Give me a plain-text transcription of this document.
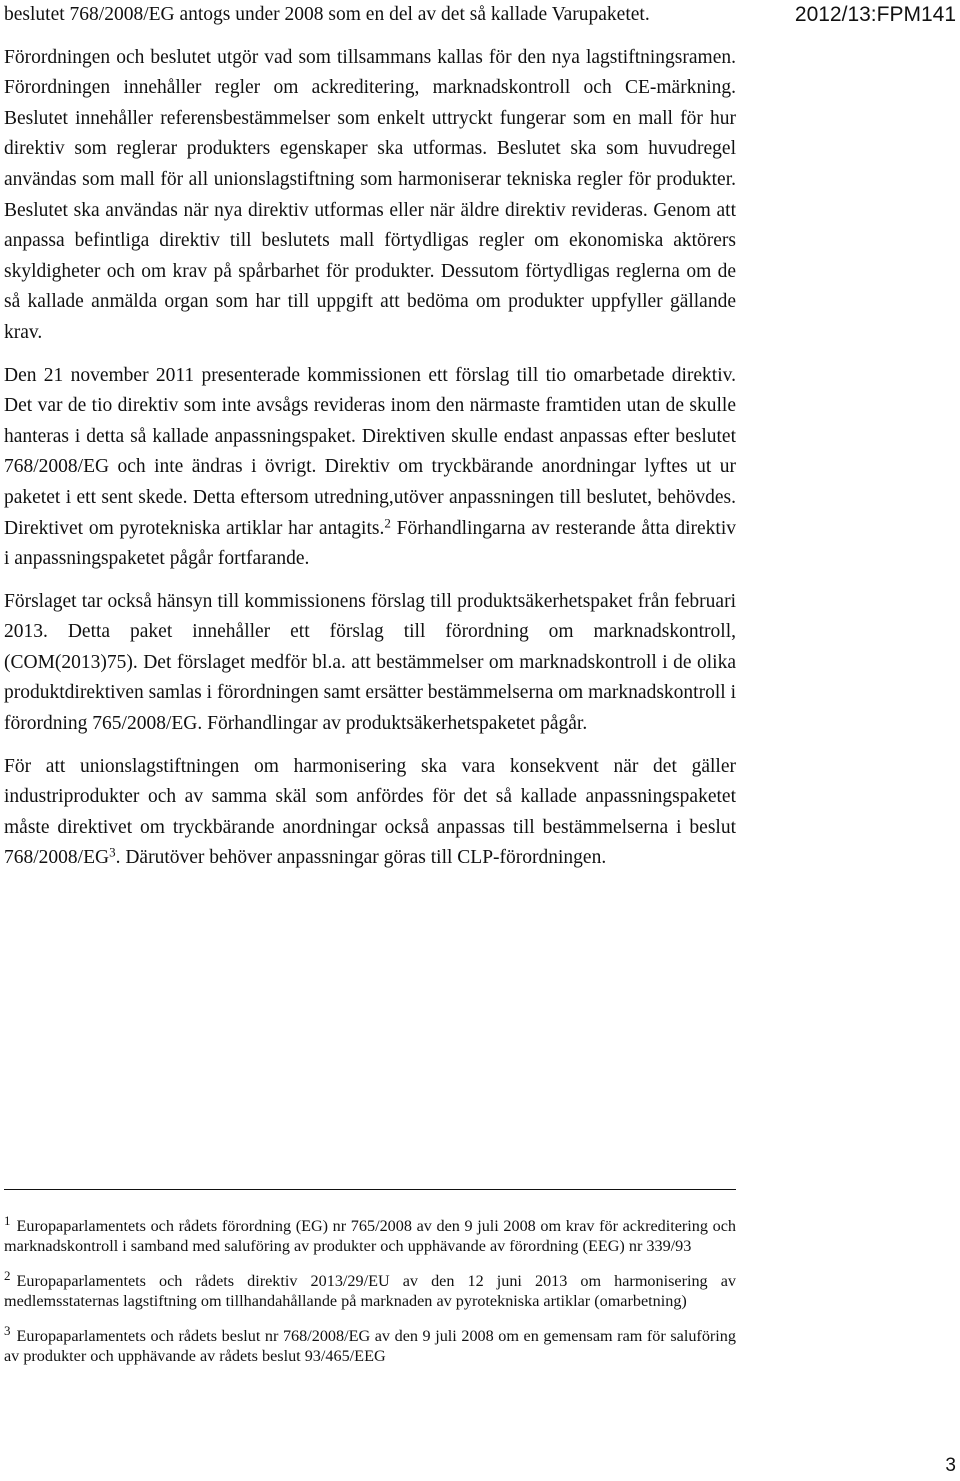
2012/13:FPM141

beslutet 768/2008/EG antogs under 2008 som en del av det så kallade Varupaketet.

Förordningen och beslutet utgör vad som tillsammans kallas för den nya lagstiftningsramen. Förordningen innehåller regler om ackreditering, marknadskontroll och CE-märkning. Beslutet innehåller referensbestämmelser som enkelt uttryckt fungerar som en mall för hur direktiv som reglerar produkters egenskaper ska utformas. Beslutet ska som huvudregel användas som mall för all unionslagstiftning som harmoniserar tekniska regler för produkter. Beslutet ska användas när nya direktiv utformas eller när äldre direktiv revideras. Genom att anpassa befintliga direktiv till beslutets mall förtydligas regler om ekonomiska aktörers skyldigheter och om krav på spårbarhet för produkter. Dessutom förtydligas reglerna om de så kallade anmälda organ som har till uppgift att bedöma om produkter uppfyller gällande krav.

Den 21 november 2011 presenterade kommissionen ett förslag till tio omarbetade direktiv. Det var de tio direktiv som inte avsågs revideras inom den närmaste framtiden utan de skulle hanteras i detta så kallade anpassningspaket. Direktiven skulle endast anpassas efter beslutet 768/2008/EG och inte ändras i övrigt. Direktiv om tryckbärande anordningar lyftes ut ur paketet i ett sent skede. Detta eftersom utredning,utöver anpassningen till beslutet, behövdes. Direktivet om pyrotekniska artiklar har antagits.$^2$ Förhandlingarna av resterande åtta direktiv i anpassningspaketet pågår fortfarande.

Förslaget tar också hänsyn till kommissionens förslag till produktsäkerhetspaket från februari 2013. Detta paket innehåller ett förslag till förordning om marknadskontroll, (COM(2013)75). Det förslaget medför bl.a. att bestämmelser om marknadskontroll i de olika produktdirektiven samlas i förordningen samt ersätter bestämmelserna om marknadskontroll i förordning 765/2008/EG. Förhandlingar av produktsäkerhetspaketet pågår.

För att unionslagstiftningen om harmonisering ska vara konsekvent när det gäller industriprodukter och av samma skäl som anfördes för det så kallade anpassningspaketet måste direktivet om tryckbärande anordningar också anpassas till bestämmelserna i beslut 768/2008/EG$^3$. Därutöver behöver anpassningar göras till CLP-förordningen.

$^1$ Europaparlamentets och rådets förordning (EG) nr 765/2008 av den 9 juli 2008 om krav för ackreditering och marknadskontroll i samband med saluföring av produkter och upphävande av förordning (EEG) nr 339/93

$^2$ Europaparlamentets och rådets direktiv 2013/29/EU av den 12 juni 2013 om harmonisering av medlemsstaternas lagstiftning om tillhandahållande på marknaden av pyrotekniska artiklar (omarbetning)

$^3$ Europaparlamentets och rådets beslut nr 768/2008/EG av den 9 juli 2008 om en gemensam ram för saluföring av produkter och upphävande av rådets beslut 93/465/EEG

3
